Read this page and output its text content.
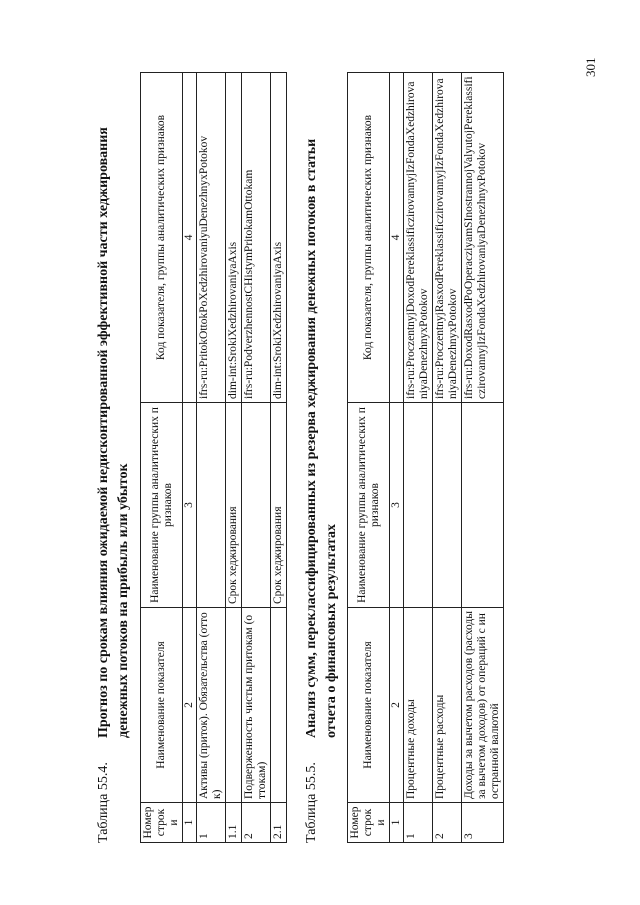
Таблица 55.4.Прогноз по срокам влияния ожидаемой недисконтированной эффективной части хеджирования денежных потоков на прибыль или убыток
Номер строки	Наименование показателя	Наименование группы аналитических признаков	Код показателя, группы аналитических признаков
1	2	3	4
1	Активы (приток). Обязательства (отток)		ifrs-ru:PritokOttokPoXedzhirovaniyuDenezhnyxPotokov
1.1		Срок хеджирования	dim-int:SrokiXedzhirovaniyaAxis
2	Подверженность чистым притокам (оттокам)		ifrs-ru:PodverzhennostCHistymPritokamOttokam
2.1		Срок хеджирования	dim-int:SrokiXedzhirovaniyaAxis
Таблица 55.5.Анализ сумм, переклассифицированных из резерва хеджирования денежных потоков в статьи отчета о финансовых результатах
Номер строки	Наименование показателя	Наименование группы аналитических признаков	Код показателя, группы аналитических признаков
1	2	3	4
1	Процентные доходы		ifrs-ru:ProczentnyjDoxodPereklassificzirovannyjIzFondaXedzhirovaniyaDenezhnyxPotokov
2	Процентные расходы		ifrs-ru:ProczentnyjRasxodPereklassificzirovannyjIzFondaXedzhirovaniyaDenezhnyxPotokov
3	Доходы за вычетом расходов (расходы за вычетом доходов) от операций с иностранной валютой		ifrs-ru:DoxodRasxodPoOperacziyamSInostrannojValyutojPereklassificzirovannyjIzFondaXedzhirovaniyaDenezhnyxPotokov
301
